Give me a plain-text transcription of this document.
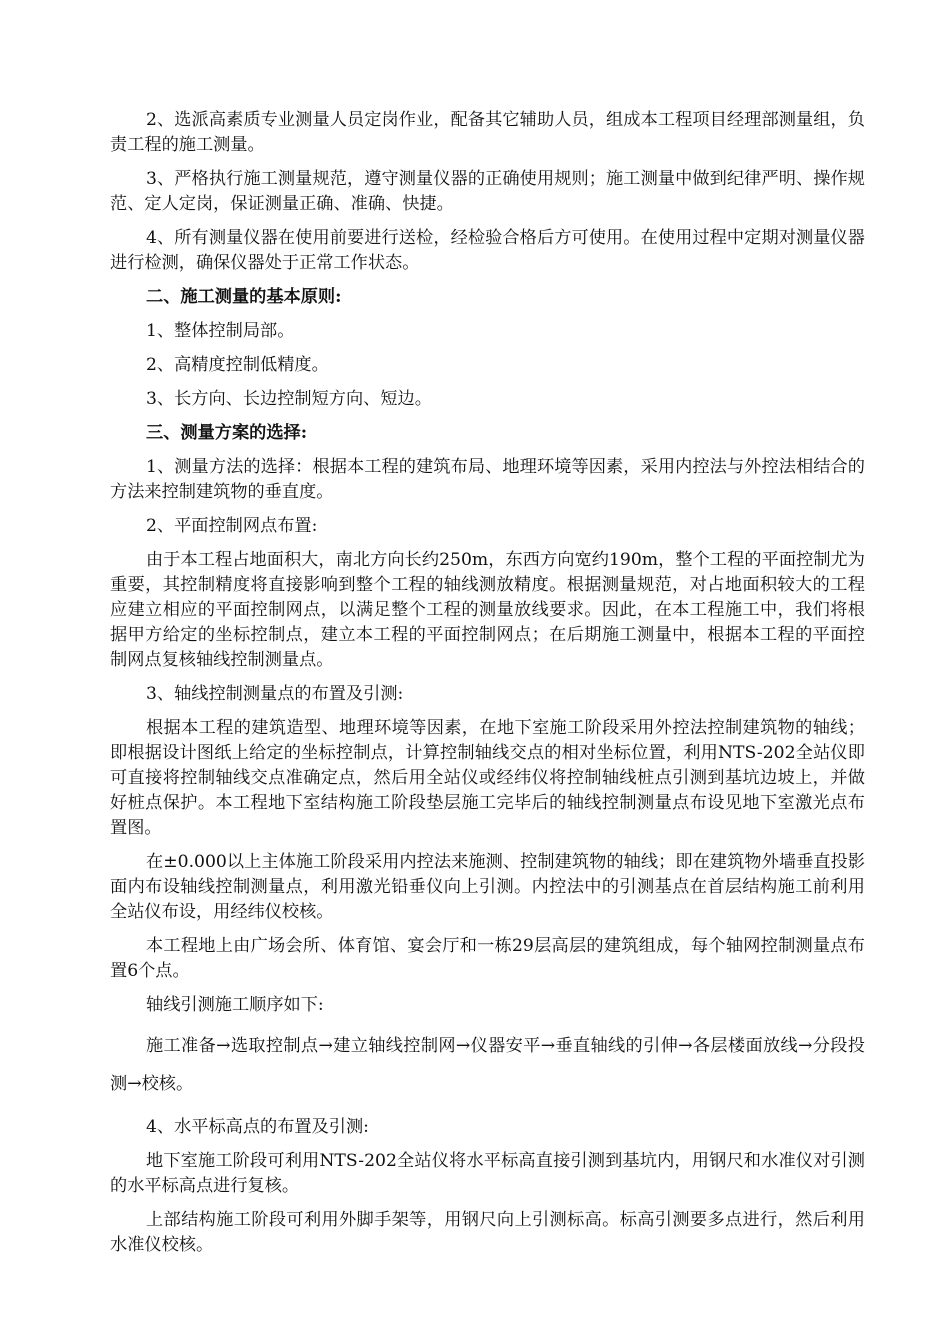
2、选派高素质专业测量人员定岗作业，配备其它辅助人员，组成本工程项目经理部测量组，负责工程的施工测量。

3、严格执行施工测量规范，遵守测量仪器的正确使用规则；施工测量中做到纪律严明、操作规范、定人定岗，保证测量正确、准确、快捷。

4、所有测量仪器在使用前要进行送检，经检验合格后方可使用。在使用过程中定期对测量仪器进行检测，确保仪器处于正常工作状态。

二、施工测量的基本原则:

1、整体控制局部。

2、高精度控制低精度。

3、长方向、长边控制短方向、短边。

三、测量方案的选择:

1、测量方法的选择：根据本工程的建筑布局、地理环境等因素，采用内控法与外控法相结合的方法来控制建筑物的垂直度。

2、平面控制网点布置:

由于本工程占地面积大，南北方向长约250m，东西方向宽约190m，整个工程的平面控制尤为重要，其控制精度将直接影响到整个工程的轴线测放精度。根据测量规范，对占地面积较大的工程应建立相应的平面控制网点，以满足整个工程的测量放线要求。因此，在本工程施工中，我们将根据甲方给定的坐标控制点，建立本工程的平面控制网点；在后期施工测量中，根据本工程的平面控制网点复核轴线控制测量点。

3、轴线控制测量点的布置及引测:

根据本工程的建筑造型、地理环境等因素，在地下室施工阶段采用外控法控制建筑物的轴线；即根据设计图纸上给定的坐标控制点，计算控制轴线交点的相对坐标位置，利用NTS-202全站仪即可直接将控制轴线交点准确定点，然后用全站仪或经纬仪将控制轴线桩点引测到基坑边坡上，并做好桩点保护。本工程地下室结构施工阶段垫层施工完毕后的轴线控制测量点布设见地下室激光点布置图。

在±0.000以上主体施工阶段采用内控法来施测、控制建筑物的轴线；即在建筑物外墙垂直投影面内布设轴线控制测量点，利用激光铅垂仪向上引测。内控法中的引测基点在首层结构施工前利用全站仪布设，用经纬仪校核。

本工程地上由广场会所、体育馆、宴会厅和一栋29层高层的建筑组成，每个轴网控制测量点布置6个点。

轴线引测施工顺序如下:

施工准备→选取控制点→建立轴线控制网→仪器安平→垂直轴线的引伸→各层楼面放线→分段投测→校核。

4、水平标高点的布置及引测:

地下室施工阶段可利用NTS-202全站仪将水平标高直接引测到基坑内，用钢尺和水准仪对引测的水平标高点进行复核。

上部结构施工阶段可利用外脚手架等，用钢尺向上引测标高。标高引测要多点进行，然后利用水准仪校核。
